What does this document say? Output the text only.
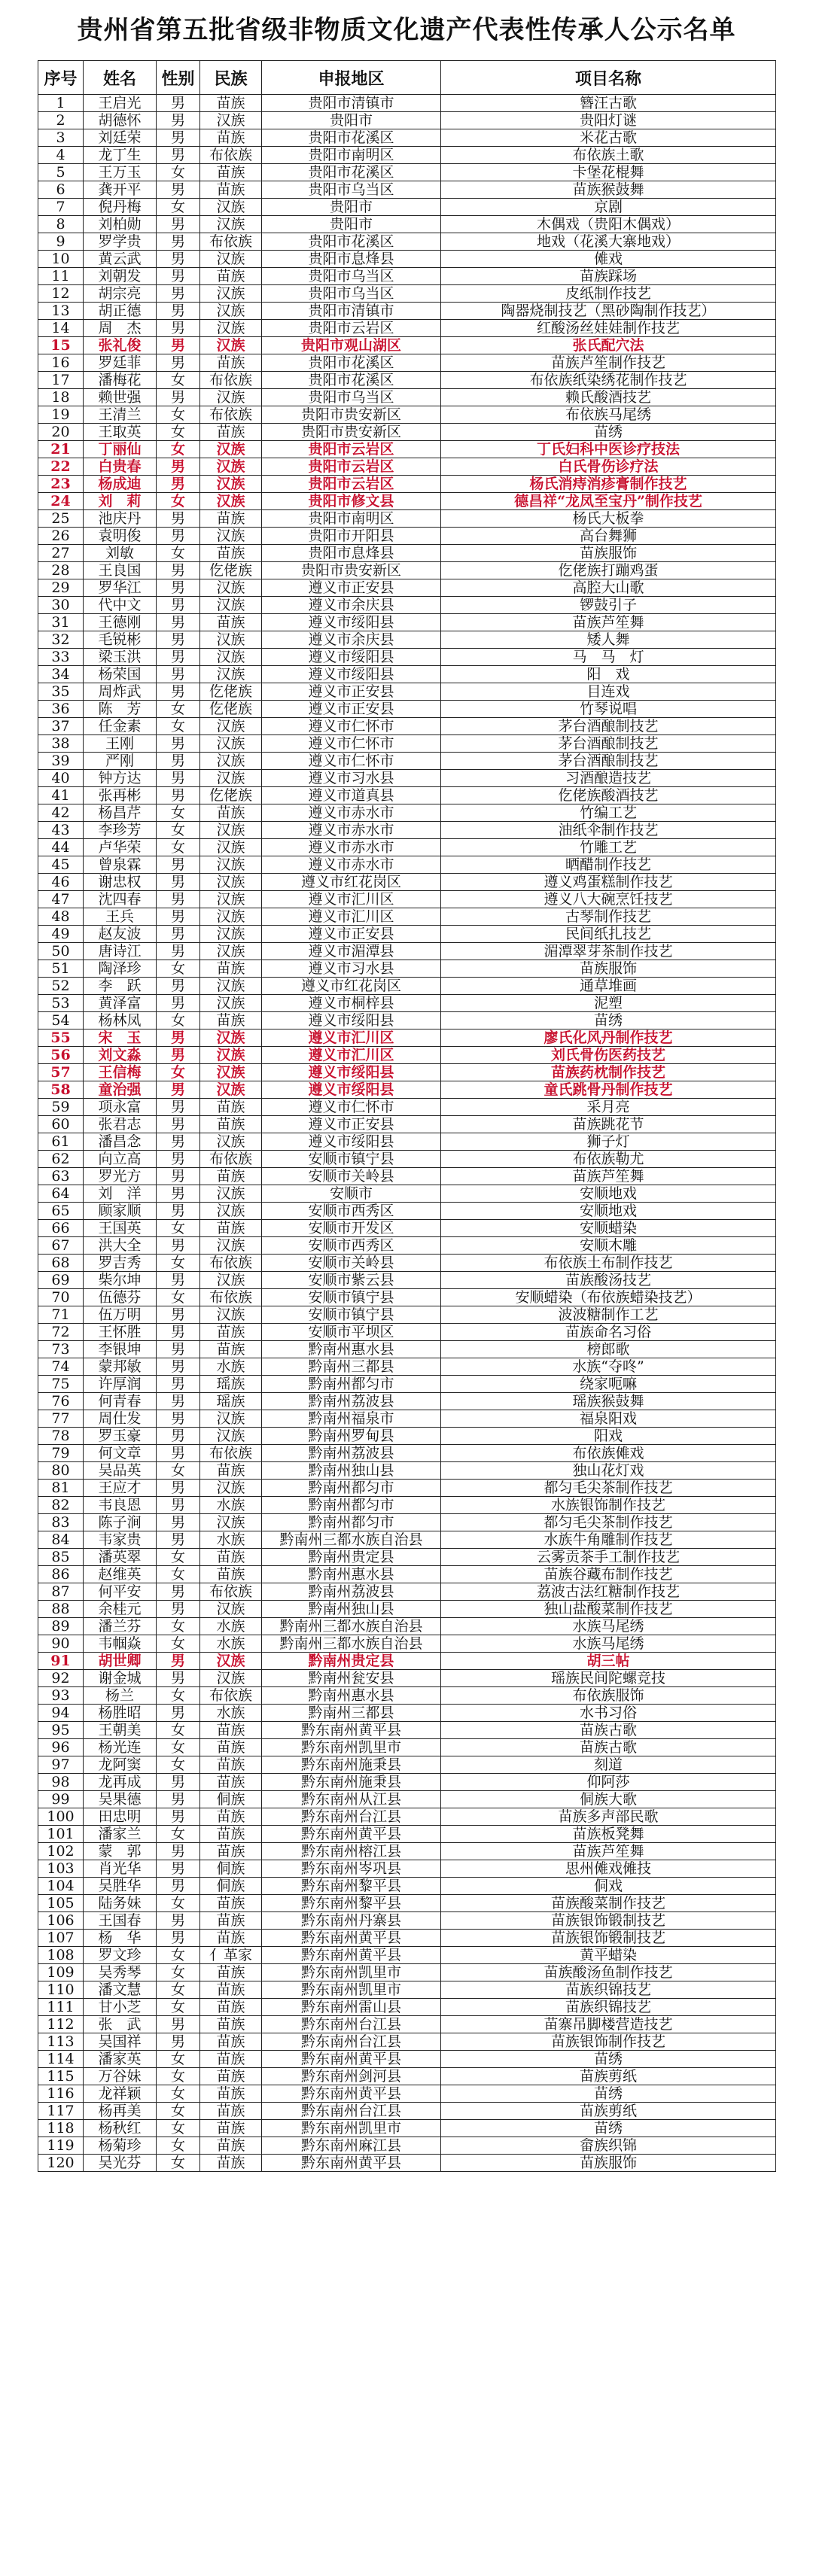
贵州省第五批省级非物质文化遗产代表性传承人公示名单
序号	姓名	性别	民族	申报地区	项目名称
1	王启光	男	苗族	贵阳市清镇市	簪汪古歌
2	胡德怀	男	汉族	贵阳市	贵阳灯谜
3	刘廷荣	男	苗族	贵阳市花溪区	米花古歌
4	龙丁生	男	布依族	贵阳市南明区	布依族土歌
5	王万玉	女	苗族	贵阳市花溪区	卡堡花棍舞
6	龚开平	男	苗族	贵阳市乌当区	苗族猴鼓舞
7	倪丹梅	女	汉族	贵阳市	京剧
8	刘柏勋	男	汉族	贵阳市	木偶戏（贵阳木偶戏）
9	罗学贵	男	布依族	贵阳市花溪区	地戏（花溪大寨地戏）
10	黄云武	男	汉族	贵阳市息烽县	傩戏
11	刘朝发	男	苗族	贵阳市乌当区	苗族踩场
12	胡宗亮	男	汉族	贵阳市乌当区	皮纸制作技艺
13	胡正德	男	汉族	贵阳市清镇市	陶器烧制技艺（黑砂陶制作技艺）
14	周　杰	男	汉族	贵阳市云岩区	红酸汤丝娃娃制作技艺
15	张礼俊	男	汉族	贵阳市观山湖区	张氏配穴法
16	罗廷菲	男	苗族	贵阳市花溪区	苗族芦笙制作技艺
17	潘梅花	女	布依族	贵阳市花溪区	布依族纸染绣花制作技艺
18	赖世强	男	汉族	贵阳市乌当区	赖氏酸酒技艺
19	王清兰	女	布依族	贵阳市贵安新区	布依族马尾绣
20	王取英	女	苗族	贵阳市贵安新区	苗绣
21	丁丽仙	女	汉族	贵阳市云岩区	丁氏妇科中医诊疗技法
22	白贵春	男	汉族	贵阳市云岩区	白氏骨伤诊疗法
23	杨成迪	男	汉族	贵阳市云岩区	杨氏消痔消疹膏制作技艺
24	刘　莉	女	汉族	贵阳市修文县	德昌祥“龙凤至宝丹”制作技艺
25	池庆丹	男	苗族	贵阳市南明区	杨氏大板拳
26	袁明俊	男	汉族	贵阳市开阳县	高台舞狮
27	刘敏	女	苗族	贵阳市息烽县	苗族服饰
28	王良国	男	仡佬族	贵阳市贵安新区	仡佬族打蹦鸡蛋
29	罗华江	男	汉族	遵义市正安县	高腔大山歌
30	代中文	男	汉族	遵义市余庆县	锣鼓引子
31	王德刚	男	苗族	遵义市绥阳县	苗族芦笙舞
32	毛锐彬	男	汉族	遵义市余庆县	矮人舞
33	梁玉洪	男	汉族	遵义市绥阳县	马　马　灯
34	杨荣国	男	汉族	遵义市绥阳县	阳　戏
35	周炸武	男	仡佬族	遵义市正安县	目连戏
36	陈　芳	女	仡佬族	遵义市正安县	竹琴说唱
37	任金素	女	汉族	遵义市仁怀市	茅台酒酿制技艺
38	王刚	男	汉族	遵义市仁怀市	茅台酒酿制技艺
39	严刚	男	汉族	遵义市仁怀市	茅台酒酿制技艺
40	钟方达	男	汉族	遵义市习水县	习酒酿造技艺
41	张再彬	男	仡佬族	遵义市道真县	仡佬族酸酒技艺
42	杨昌芹	女	苗族	遵义市赤水市	竹编工艺
43	李珍芳	女	汉族	遵义市赤水市	油纸伞制作技艺
44	卢华荣	女	汉族	遵义市赤水市	竹雕工艺
45	曾泉霖	男	汉族	遵义市赤水市	晒醋制作技艺
46	谢忠权	男	汉族	遵义市红花岗区	遵义鸡蛋糕制作技艺
47	沈四春	男	汉族	遵义市汇川区	遵义八大碗烹饪技艺
48	王兵	男	汉族	遵义市汇川区	古琴制作技艺
49	赵友波	男	汉族	遵义市正安县	民间纸扎技艺
50	唐诗江	男	汉族	遵义市湄潭县	湄潭翠芽茶制作技艺
51	陶泽珍	女	苗族	遵义市习水县	苗族服饰
52	李　跃	男	汉族	遵义市红花岗区	通草堆画
53	黄泽富	男	汉族	遵义市桐梓县	泥塑
54	杨林凤	女	苗族	遵义市绥阳县	苗绣
55	宋　玉	男	汉族	遵义市汇川区	廖氏化风丹制作技艺
56	刘文淼	男	汉族	遵义市汇川区	刘氏骨伤医药技艺
57	王信梅	女	汉族	遵义市绥阳县	苗族药枕制作技艺
58	童治强	男	汉族	遵义市绥阳县	童氏跳骨丹制作技艺
59	项永富	男	苗族	遵义市仁怀市	采月亮
60	张君志	男	苗族	遵义市正安县	苗族跳花节
61	潘昌念	男	汉族	遵义市绥阳县	狮子灯
62	向立高	男	布依族	安顺市镇宁县	布依族勒尤
63	罗光方	男	苗族	安顺市关岭县	苗族芦笙舞
64	刘　洋	男	汉族	安顺市	安顺地戏
65	顾家顺	男	汉族	安顺市西秀区	安顺地戏
66	王国英	女	苗族	安顺市开发区	安顺蜡染
67	洪大全	男	汉族	安顺市西秀区	安顺木雕
68	罗吉秀	女	布依族	安顺市关岭县	布依族土布制作技艺
69	柴尔坤	男	汉族	安顺市紫云县	苗族酸汤技艺
70	伍德芬	女	布依族	安顺市镇宁县	安顺蜡染（布依族蜡染技艺）
71	伍万明	男	汉族	安顺市镇宁县	波波糖制作工艺
72	王怀胜	男	苗族	安顺市平坝区	苗族命名习俗
73	李银坤	男	苗族	黔南州惠水县	榜郎歌
74	蒙邦敏	男	水族	黔南州三都县	水族“夺咚”
75	许厚润	男	瑶族	黔南州都匀市	绕家呃嘛
76	何青春	男	瑶族	黔南州荔波县	瑶族猴鼓舞
77	周仕发	男	汉族	黔南州福泉市	福泉阳戏
78	罗玉豪	男	汉族	黔南州罗甸县	阳戏
79	何文章	男	布依族	黔南州荔波县	布依族傩戏
80	吴品英	女	苗族	黔南州独山县	独山花灯戏
81	王应才	男	汉族	黔南州都匀市	都匀毛尖茶制作技艺
82	韦良恩	男	水族	黔南州都匀市	水族银饰制作技艺
83	陈子涧	男	汉族	黔南州都匀市	都匀毛尖茶制作技艺
84	韦家贵	男	水族	黔南州三都水族自治县	水族牛角雕制作技艺
85	潘英翠	女	苗族	黔南州贵定县	云雾贡茶手工制作技艺
86	赵维英	女	苗族	黔南州惠水县	苗族谷藏布制作技艺
87	何平安	男	布依族	黔南州荔波县	荔波古法红糖制作技艺
88	余桂元	男	汉族	黔南州独山县	独山盐酸菜制作技艺
89	潘兰芬	女	水族	黔南州三都水族自治县	水族马尾绣
90	韦帼焱	女	水族	黔南州三都水族自治县	水族马尾绣
91	胡世卿	男	汉族	黔南州贵定县	胡三帖
92	谢金城	男	汉族	黔南州瓮安县	瑶族民间陀螺竞技
93	杨兰	女	布依族	黔南州惠水县	布依族服饰
94	杨胜昭	男	水族	黔南州三都县	水书习俗
95	王朝美	女	苗族	黔东南州黄平县	苗族古歌
96	杨光连	女	苗族	黔东南州凯里市	苗族古歌
97	龙阿窦	女	苗族	黔东南州施秉县	刻道
98	龙再成	男	苗族	黔东南州施秉县	仰阿莎
99	吴果德	男	侗族	黔东南州从江县	侗族大歌
100	田忠明	男	苗族	黔东南州台江县	苗族多声部民歌
101	潘家兰	女	苗族	黔东南州黄平县	苗族板凳舞
102	蒙　郭	男	苗族	黔东南州榕江县	苗族芦笙舞
103	肖光华	男	侗族	黔东南州岑巩县	思州傩戏傩技
104	吴胜华	男	侗族	黔东南州黎平县	侗戏
105	陆务妹	女	苗族	黔东南州黎平县	苗族酸菜制作技艺
106	王国春	男	苗族	黔东南州丹寨县	苗族银饰锻制技艺
107	杨　华	男	苗族	黔东南州黄平县	苗族银饰锻制技艺
108	罗文珍	女	亻革家	黔东南州黄平县	黄平蜡染
109	吴秀琴	女	苗族	黔东南州凯里市	苗族酸汤鱼制作技艺
110	潘文慧	女	苗族	黔东南州凯里市	苗族织锦技艺
111	甘小芝	女	苗族	黔东南州雷山县	苗族织锦技艺
112	张　武	男	苗族	黔东南州台江县	苗寨吊脚楼营造技艺
113	吴国祥	男	苗族	黔东南州台江县	苗族银饰制作技艺
114	潘家英	女	苗族	黔东南州黄平县	苗绣
115	万谷妹	女	苗族	黔东南州剑河县	苗族剪纸
116	龙祥颖	女	苗族	黔东南州黄平县	苗绣
117	杨再美	女	苗族	黔东南州台江县	苗族剪纸
118	杨秋红	女	苗族	黔东南州凯里市	苗绣
119	杨菊珍	女	苗族	黔东南州麻江县	畲族织锦
120	吴光芬	女	苗族	黔东南州黄平县	苗族服饰
